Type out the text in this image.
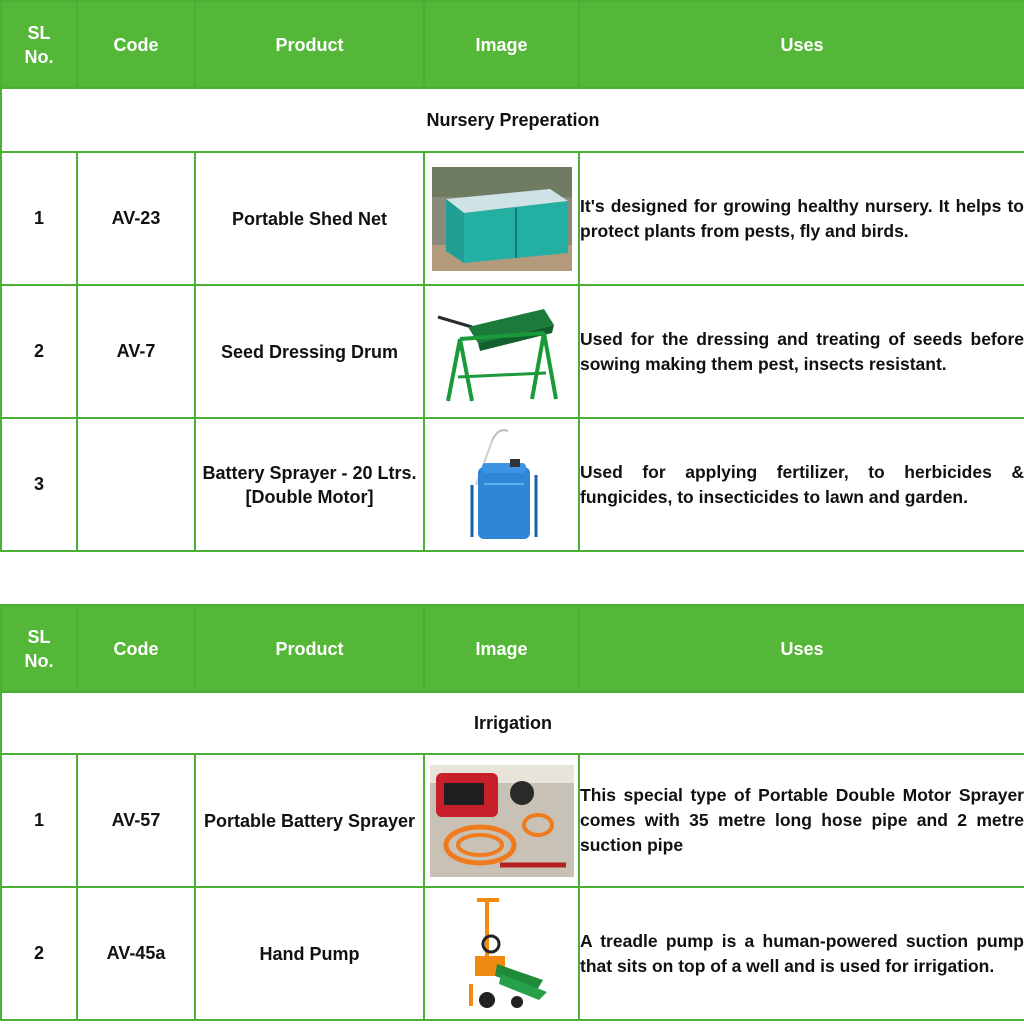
SL No.	Code	Product	Image	Uses
Nursery Preperation				
1	AV-23	Portable Shed Net		It's designed for growing healthy nursery. It helps to protect plants from pests, fly and birds.
2	AV-7	Seed Dressing Drum		Used for the dressing and treating of seeds before sowing making them pest, insects resistant.
3		Battery Sprayer - 20 Ltrs. [Double Motor]		Used for applying fertilizer, to herbicides & fungicides, to insecticides to lawn and garden.
SL No.	Code	Product	Image	Uses
Irrigation				
1	AV-57	Portable Battery Sprayer		This special type of Portable Double Motor Sprayer comes with 35 metre long hose pipe and 2 metre suction pipe
2	AV-45a	Hand Pump		A treadle pump is a human-powered suction pump that sits on top of a well and is used for irrigation.
